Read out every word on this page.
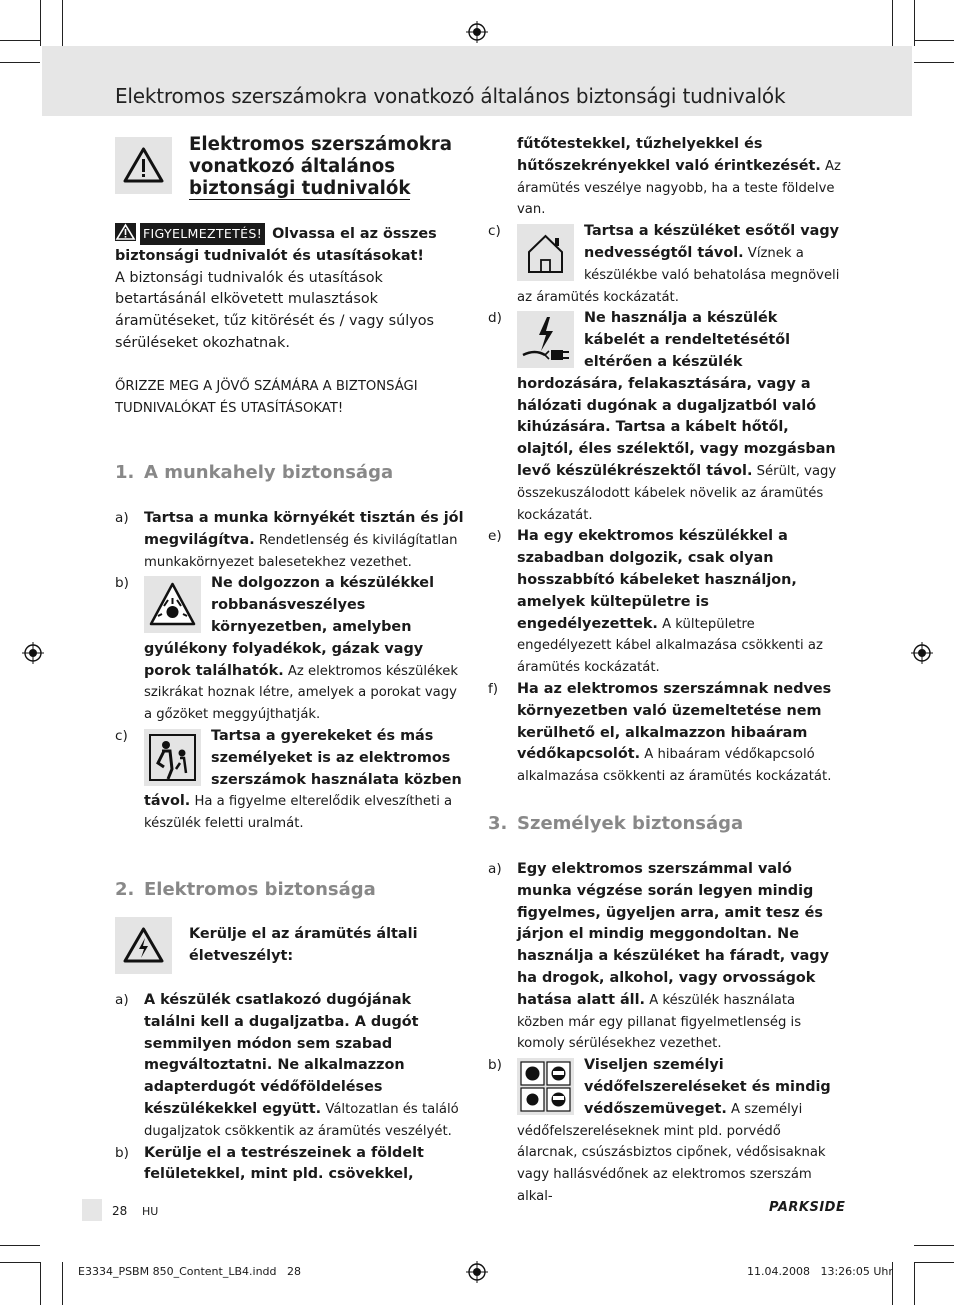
Elektromos szerszámokra vonatkozó általános biztonsági tudnivalók
Elektromos szerszámokra
vonatkozó általános
biztonsági tudnivalók

FIGYELMEZTETÉS! Olvassa el az összes biztonsági tudnivalót és utasításokat!

A biztonsági tudnivalók és utasítások betartásánál elkövetett mulasztások áramütéseket, tűz kitörését és / vagy súlyos sérüléseket okozhatnak.

ŐRIZZE MEG A JÖVŐ SZÁMÁRA A BIZTONSÁGI TUDNIVALÓKAT ÉS UTASÍTÁSOKAT!

1. A munkahely biztonsága
a) Tartsa a munka környékét tisztán és jól megvilágítva. Rendetlenség és kivilágítatlan munkakörnyezet balesetekhez vezethet.

b)	Ne dolgozzon a készülékkel robbanásveszélyes környezetben, amelyben gyúlékony folyadékok, gázak vagy porok találhatók. Az elektromos készülékek szikrákat hoznak létre, amelyek a porokat vagy a gőzöket meggyújthatják.

c)	Tartsa a gyerekeket és más személyeket is az elektromos szerszámok használata közben távol. Ha a figyelme elterelődik elveszítheti a készülék feletti uralmát.

2. Elektromos biztonsága
Kerülje el az áramütés általi életveszélyt:
a) A készülék csatlakozó dugójának találni kell a dugaljzatba. A dugót semmilyen módon sem szabad megváltoztatni. Ne alkalmazzon adapterdugót védőföldeléses készülékekkel együtt. Változatlan és találó dugaljzatok csökkentik az áramütés veszélyét.

b) Kerülje el a testrészeinek a földelt felületekkel, mint pld. csövekkel,

fűtőtestekkel, tűzhelyekkel és hűtőszekrényekkel való érintkezését. Az áramütés veszélye nagyobb, ha a teste földelve van.

c)	Tartsa a készüléket esőtől vagy nedvességtől távol. Víznek a készülékbe való behatolása megnöveli az áramütés kockázatát.

d)	Ne használja a készülék kábelét a rendeltetésétől eltérően a készülék hordozására, felakasztására, vagy a hálózati dugónak a dugaljzatból való kihúzására. Tartsa a kábelt hőtől, olajtól, éles szélektől, vagy mozgásban levő készülékrészektől távol. Sérült, vagy összekuszálodott kábelek növelik az áramütés kockázatát.

e) Ha egy ekektromos készülékkel a szabadban dolgozik, csak olyan hosszabbító kábeleket használjon, amelyek kültерületre is engedélyezettek. A kültерületre engedélyezett kábel alkalmazása csökkenti az áramütés kockázatát.

f) Ha az elektromos szerszámnak nedves környezetben való üzemeltetése nem kerülhető el, alkalmazzon hibaáram védőkapcsolót. A hibaáram védőkapcsoló alkalmazása csökkenti az áramütés kockázatát.

3. Személyek biztonsága
a) Egy elektromos szerszámmal való munka végzése során legyen mindig figyelmes, ügyeljen arra, amit tesz és járjon el mindig meggondoltan. Ne használja a készüléket ha fáradt, vagy ha drogok, alkohol, vagy orvosságok hatása alatt áll. A készülék használata közben már egy pillanat figyelmetlenség is komoly sérülésekhez vezethet.

b)	Viseljen személyi védőfelszereléseket és mindig védőszemüveget. A személyi védőfelszereléseknek mint pld. porvédő álarcnak, csúszásbiztos cipőnek, védősisaknak vagy hallásvédőnek az elektromos szerszám alkal-

28 HU	PARKSIDE
E3334_PSBM 850_Content_LB4.indd   28	11.04.2008   13:26:05 Uhr
